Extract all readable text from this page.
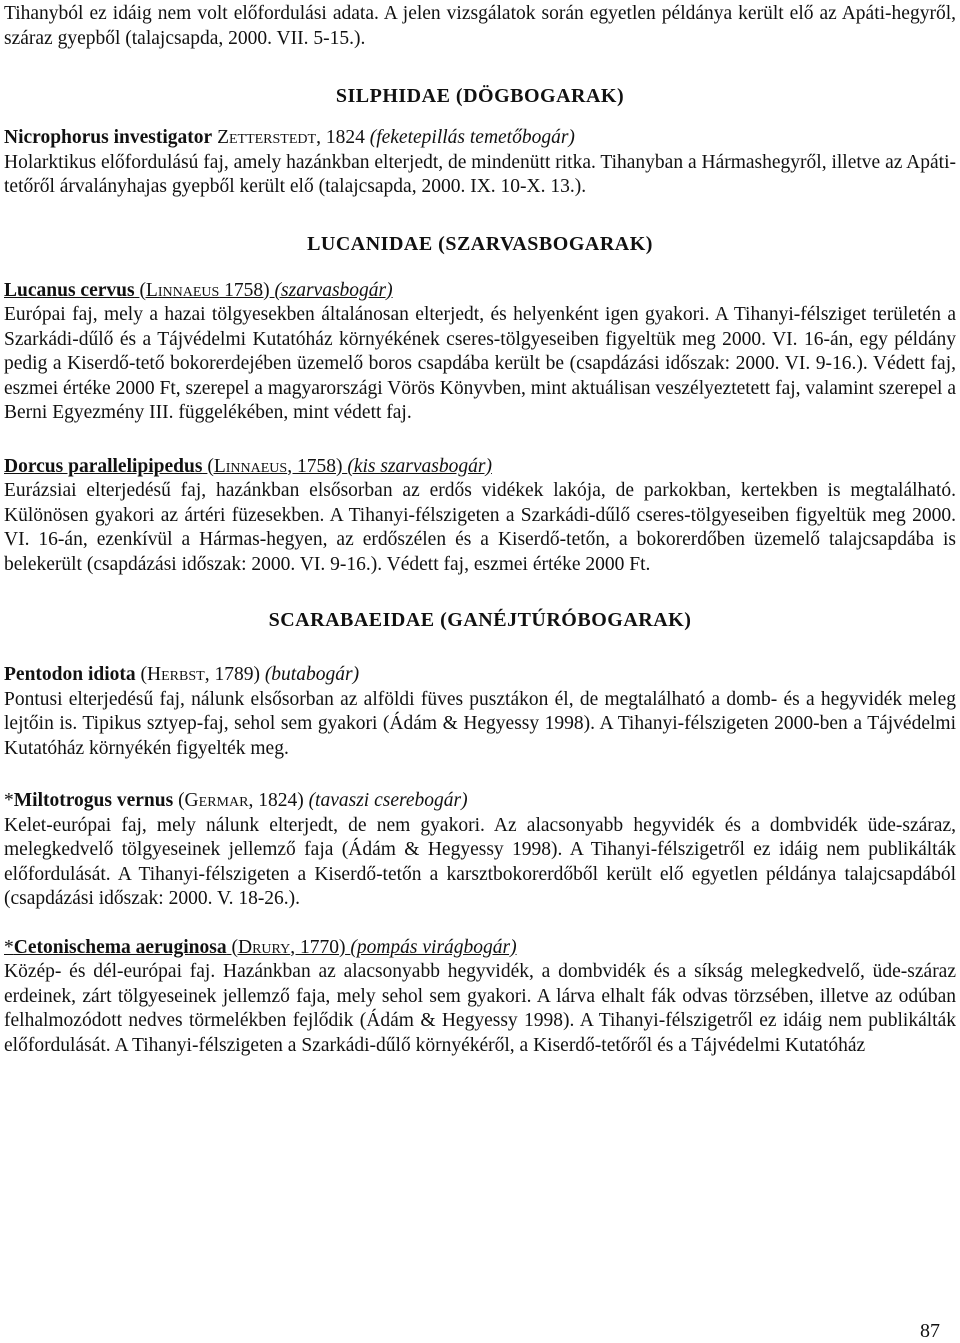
Tihanyból ez idáig nem volt előfordulási adata. A jelen vizsgálatok során egyetlen példánya került elő az Apáti-hegyről, száraz gyepből (talajcsapda, 2000. VII. 5-15.).

SILPHIDAE (DÖGBOGARAK)

Nicrophorus investigator Zetterstedt, 1824 (feketepillás temetőbogár)

Holarktikus előfordulású faj, amely hazánkban elterjedt, de mindenütt ritka. Tihanyban a Hármashegyről, illetve az Apáti-tetőről árvalányhajas gyepből került elő (talajcsapda, 2000. IX. 10-X. 13.).

LUCANIDAE (SZARVASBOGARAK)

Lucanus cervus (Linnaeus 1758) (szarvasbogár)

Európai faj, mely a hazai tölgyesekben általánosan elterjedt, és helyenként igen gyakori. A Tihanyi-félsziget területén a Szarkádi-dűlő és a Tájvédelmi Kutatóház környékének cseres-tölgyeseiben figyeltük meg 2000. VI. 16-án, egy példány pedig a Kiserdő-tető bokorerdejében üzemelő boros csapdába került be (csapdázási időszak: 2000. VI. 9-16.). Védett faj, eszmei értéke 2000 Ft, szerepel a magyarországi Vörös Könyvben, mint aktuálisan veszélyeztetett faj, valamint szerepel a Berni Egyezmény III. függelékében, mint védett faj.

Dorcus parallelipipedus (Linnaeus, 1758) (kis szarvasbogár)

Eurázsiai elterjedésű faj, hazánkban elsősorban az erdős vidékek lakója, de parkokban, kertekben is megtalálható. Különösen gyakori az ártéri füzesekben. A Tihanyi-félszigeten a Szarkádi-dűlő cseres-tölgyeseiben figyeltük meg 2000. VI. 16-án, ezenkívül a Hármas-hegyen, az erdőszélen és a Kiserdő-tetőn, a bokorerdőben üzemelő talajcsapdába is belekerült (csapdázási időszak: 2000. VI. 9-16.). Védett faj, eszmei értéke 2000 Ft.

SCARABAEIDAE (GANÉJTÚRÓBOGARAK)

Pentodon idiota (Herbst, 1789) (butabogár)

Pontusi elterjedésű faj, nálunk elsősorban az alföldi füves pusztákon él, de megtalálható a domb- és a hegyvidék meleg lejtőin is. Tipikus sztyep-faj, sehol sem gyakori (Ádám & Hegyessy 1998). A Tihanyi-félszigeten 2000-ben a Tájvédelmi Kutatóház környékén figyelték meg.

*Miltotrogus vernus (Germar, 1824) (tavaszi cserebogár)

Kelet-európai faj, mely nálunk elterjedt, de nem gyakori. Az alacsonyabb hegyvidék és a dombvidék üde-száraz, melegkedvelő tölgyeseinek jellemző faja (Ádám & Hegyessy 1998). A Tihanyi-félszigetről ez idáig nem publikálták előfordulását. A Tihanyi-félszigeten a Kiserdő-tetőn a karsztbokorerdőből került elő egyetlen példánya talajcsapdából (csapdázási időszak: 2000. V. 18-26.).

*Cetonischema aeruginosa (Drury, 1770) (pompás virágbogár)

Közép- és dél-európai faj. Hazánkban az alacsonyabb hegyvidék, a dombvidék és a síkság melegkedvelő, üde-száraz erdeinek, zárt tölgyeseinek jellemző faja, mely sehol sem gyakori. A lárva elhalt fák odvas törzsében, illetve az odúban felhalmozódott nedves törmelékben fejlődik (Ádám & Hegyessy 1998). A Tihanyi-félszigetről ez idáig nem publikálták előfordulását. A Tihanyi-félszigeten a Szarkádi-dűlő környékéről, a Kiserdő-tetőről és a Tájvédelmi Kutatóház

87
